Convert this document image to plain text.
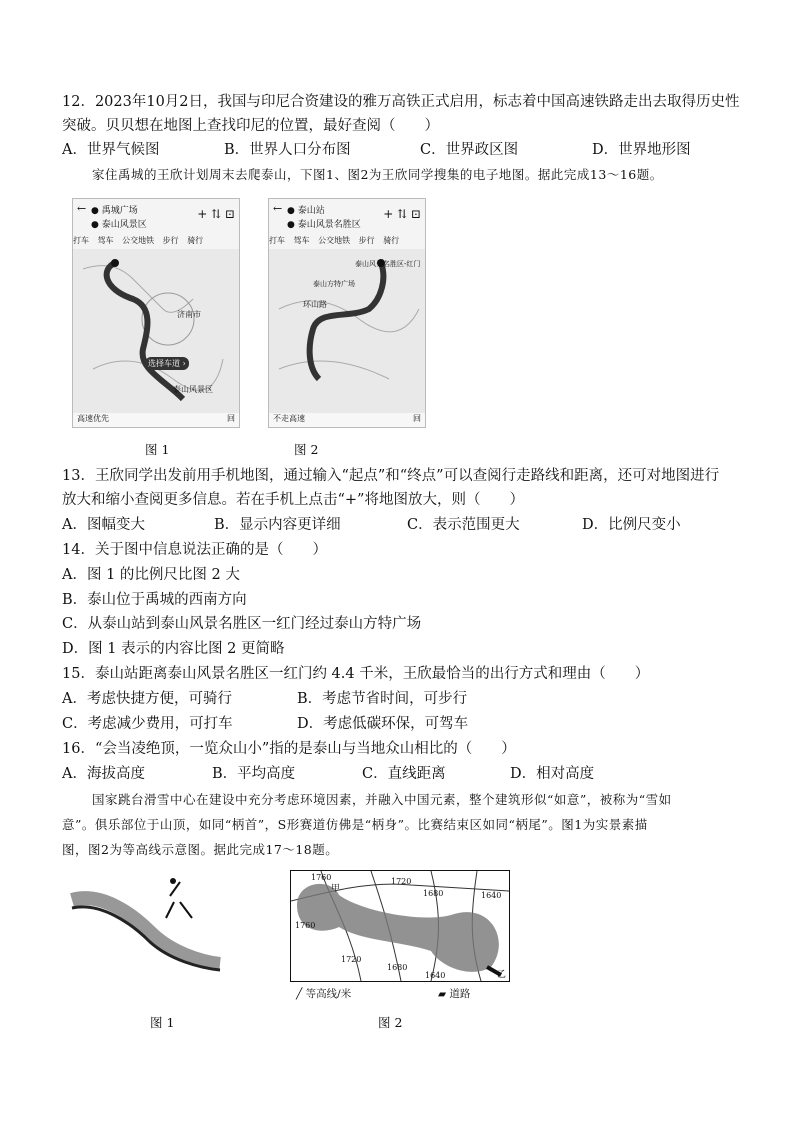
12．2023年10月2日，我国与印尼合资建设的雅万高铁正式启用，标志着中国高速铁路走出去取得历史性
突破。贝贝想在地图上查找印尼的位置，最好查阅（　　）
A．世界气候图	B．世界人口分布图	C．世界政区图	D．世界地形图
家住禹城的王欣计划周末去爬泰山，下图1、图2为王欣同学搜集的电子地图。据此完成13～16题。
← ● 禹城广场
● 泰山风景区
+ ⇅ ⊡
打车 驾车 公交地铁 步行 骑行
济南市
选择车道 ›
泰山风景区
高速优先	回
← ● 泰山站
● 泰山风景名胜区
+ ⇅ ⊡
打车 驾车 公交地铁 步行 骑行
泰山风景名胜区-红门
泰山方特广场
环山路
不走高速	回
图 1	图 2
13．王欣同学出发前用手机地图，通过输入“起点”和“终点”可以查阅行走路线和距离，还可对地图进行
放大和缩小查阅更多信息。若在手机上点击“+”将地图放大，则（　　）
A．图幅变大	B．显示内容更详细	C．表示范围更大	D．比例尺变小
14．关于图中信息说法正确的是（　　）
A．图 1 的比例尺比图 2 大
B．泰山位于禹城的西南方向
C．从泰山站到泰山风景名胜区一红门经过泰山方特广场
D．图 1 表示的内容比图 2 更简略
15．泰山站距离泰山风景名胜区一红门约 4.4 千米，王欣最恰当的出行方式和理由（　　）
A．考虑快捷方便，可骑行	B．考虑节省时间，可步行
C．考虑减少费用，可打车	D．考虑低碳环保，可驾车
16．“会当凌绝顶，一览众山小”指的是泰山与当地众山相比的（　　）
A．海拔高度	B．平均高度	C．直线距离	D．相对高度
国家跳台滑雪中心在建设中充分考虑环境因素，并融入中国元素，整个建筑形似“如意”，被称为“雪如
意”。俱乐部位于山顶，如同“柄首”，S形赛道仿佛是“柄身”。比赛结束区如同“柄尾”。图1为实景素描
图，图2为等高线示意图。据此完成17～18题。
图 1
1760
甲
1720
1680	1640
1760
1720
1680
1640	乙
╱ 等高线/米	▰ 道路
图 2
